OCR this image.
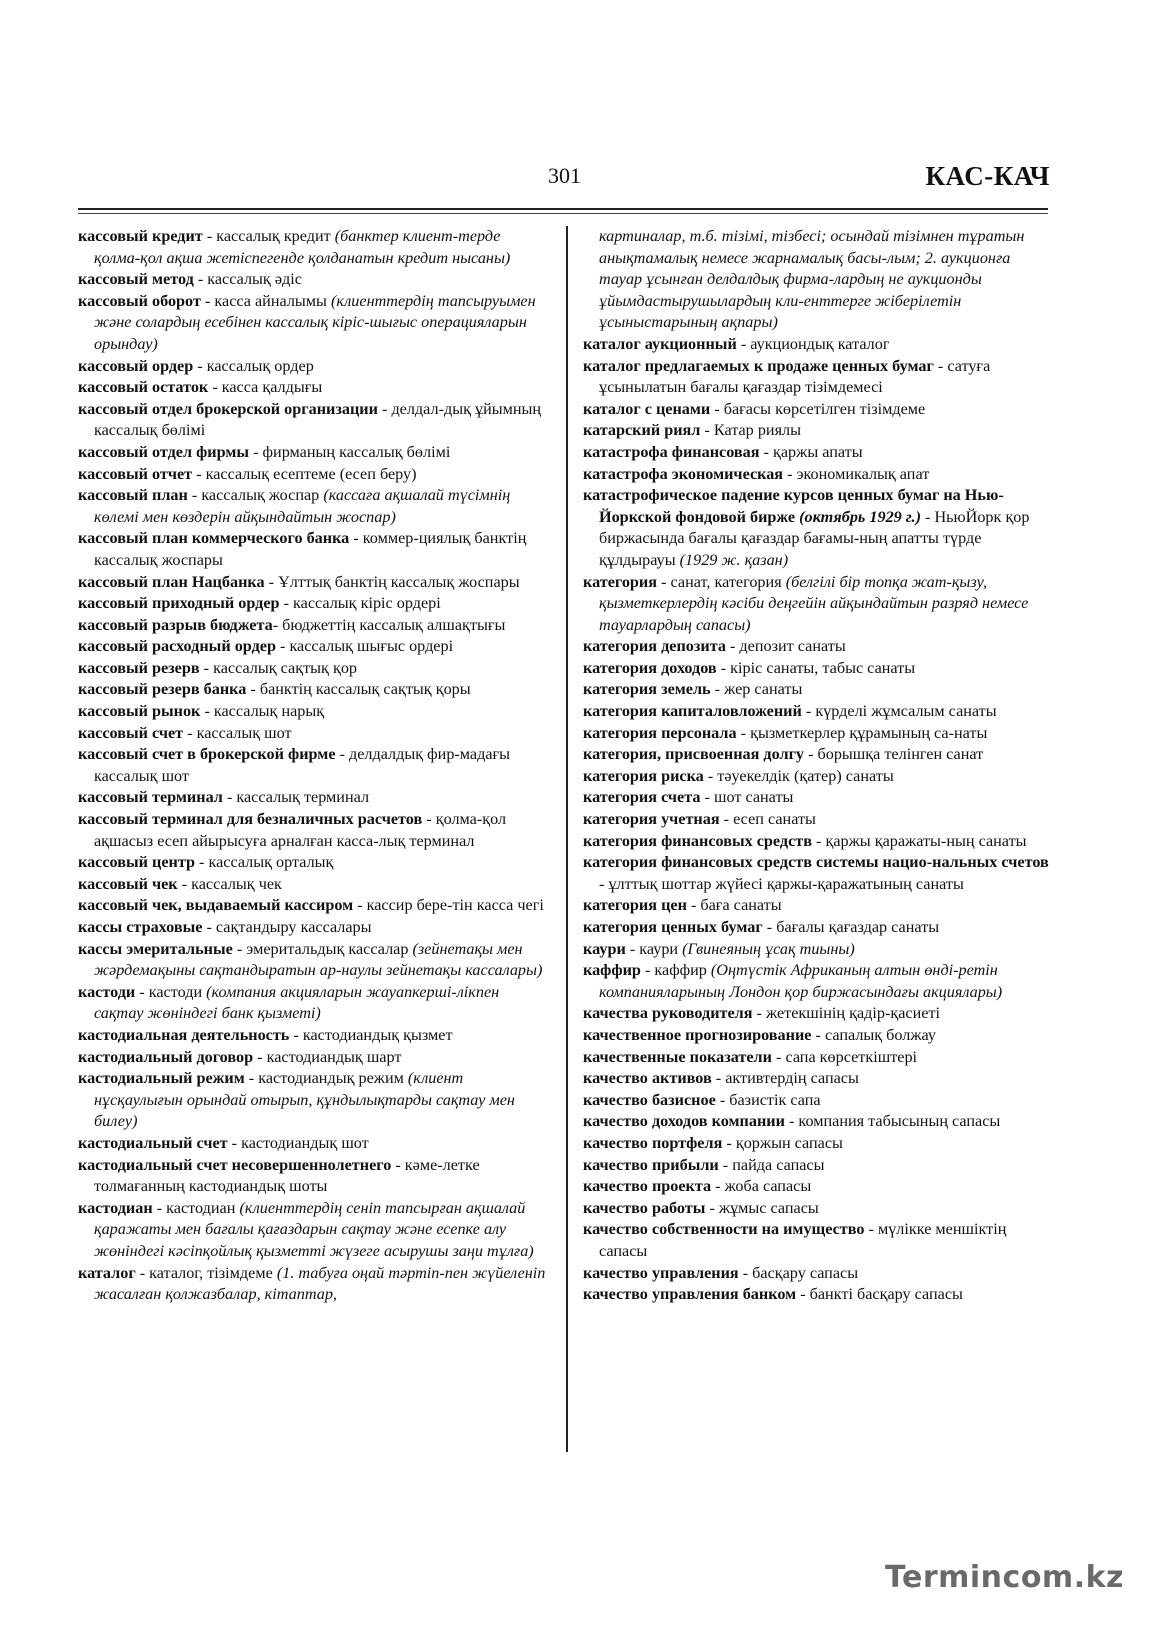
301	КАС-КАЧ

кассовый кредит - кассалық кредит (банктер клиент-терде қолма-қол ақша жетіспегенде қолданатын кредит нысаны)

кассовый метод - кассалық әдіс

кассовый оборот - касса айналымы (клиенттердің тапсыруымен және солардың есебінен кассалық кіріс-шығыс операцияларын орындау)

кассовый ордер - кассалық ордер

кассовый остаток - касса қалдығы

кассовый отдел брокерской организации - делдал-дық ұйымның кассалық бөлімі

кассовый отдел фирмы - фирманың кассалық бөлімі

кассовый отчет - кассалық есептеме (есеп беру)

кассовый план - кассалық жоспар (кассаға ақшалай түсімнің көлемі мен көздерін айқындайтын жоспар)

кассовый план коммерческого банка - коммер-циялық банктің кассалық жоспары

кассовый план Нацбанка - Ұлттық банктің кассалық жоспары

кассовый приходный ордер - кассалық кіріс ордері

кассовый разрыв бюджета- бюджеттің кассалық алшақтығы

кассовый расходный ордер - кассалық шығыс ордері

кассовый резерв - кассалық сақтық қор

кассовый резерв банка - банктің кассалық сақтық қоры

кассовый рынок - кассалық нарық

кассовый счет - кассалық шот

кассовый счет в брокерской фирме - делдалдық фир-мадағы кассалық шот

кассовый терминал - кассалық терминал

кассовый терминал для безналичных расчетов - қолма-қол ақшасыз есеп айырысуға арналған касса-лық терминал

кассовый центр - кассалық орталық

кассовый чек - кассалық чек

кассовый чек, выдаваемый кассиром - кассир бере-тін касса чегі

кассы страховые - сақтандыру кассалары

кассы эмеритальные - эмеритальдық кассалар (зейнетақы мен жәрдемақыны сақтандыратын ар-наулы зейнетақы кассалары)

кастоди - кастоди (компания акцияларын жауапкерші-лікпен сақтау жөніндегі банк қызметі)

кастодиальная деятельность - кастодиандық қызмет

кастодиальный договор - кастодиандық шарт

кастодиальный режим - кастодиандық режим (клиент нұсқаулығын орындай отырып, құндылықтарды сақтау мен билеу)

кастодиальный счет - кастодиандық шот

кастодиальный счет несовершеннолетнего - кәме-летке толмағанның кастодиандық шоты

кастодиан - кастодиан (клиенттердің сеніп тапсырған ақшалай қаражаты мен бағалы қағаздарын сақтау және есепке алу жөніндегі кәсіпқойлық қызметті жүзеге асырушы заңи тұлға)

каталог - каталог, тізімдеме (1. табуға оңай тәртіп-пен жүйеленіп жасалған қолжазбалар, кітаптар,

картиналар, т.б. тізімі, тізбесі; осындай тізімнен тұратын анықтамалық немесе жарнамалық басы-лым; 2. аукционға тауар ұсынған делдалдық фирма-лардың не аукционды ұйымдастырушылардың кли-енттерге жіберілетін ұсыныстарының ақпары)

каталог аукционный - аукциондық каталог

каталог предлагаемых к продаже ценных бумаг - сатуға ұсынылатын бағалы қағаздар тізімдемесі

каталог с ценами - бағасы көрсетілген тізімдеме

катарский риял - Катар риялы

катастрофа финансовая - қаржы апаты

катастрофа экономическая - экономикалық апат

катастрофическое падение курсов ценных бумаг на Нью-Йоркской фондовой бирже (октябрь 1929 г.) - НьюЙорк қор биржасында бағалы қағаздар бағамы-ның апатты түрде құлдырауы (1929 ж. қазан)

категория - санат, категория (белгілі бір топқа жат-қызу, қызметкерлердің кәсіби деңгейін айқындайтын разряд немесе тауарлардың сапасы)

категория депозита - депозит санаты

категория доходов - кіріс санаты, табыс санаты

категория земель - жер санаты

категория капиталовложений - күрделі жұмсалым санаты

категория персонала - қызметкерлер құрамының са-наты

категория, присвоенная долгу - борышқа телінген санат

категория риска - тәуекелдік (қатер) санаты

категория счета - шот санаты

категория учетная - есеп санаты

категория финансовых средств - қаржы қаражаты-ның санаты

категория финансовых средств системы нацио-нальных счетов - ұлттық шоттар жүйесі қаржы-қаражатының санаты

категория цен - баға санаты

категория ценных бумаг - бағалы қағаздар санаты

каури - каури (Гвинеяның ұсақ тиыны)

каффир - каффир (Оңтүстік Африканың алтын өнді-ретін компанияларының Лондон қор биржасындағы акциялары)

качества руководителя - жетекшінің қадір-қасиеті

качественное прогнозирование - сапалық болжау

качественные показатели - сапа көрсеткіштері

качество активов - активтердің сапасы

качество базисное - базистік сапа

качество доходов компании - компания табысының сапасы

качество портфеля - қоржын сапасы

качество прибыли - пайда сапасы

качество проекта - жоба сапасы

качество работы - жұмыс сапасы

качество собственности на имущество - мүлікке меншіктің сапасы

качество управления - басқару сапасы

качество управления банком - банкті басқару сапасы

Termincom.kz
